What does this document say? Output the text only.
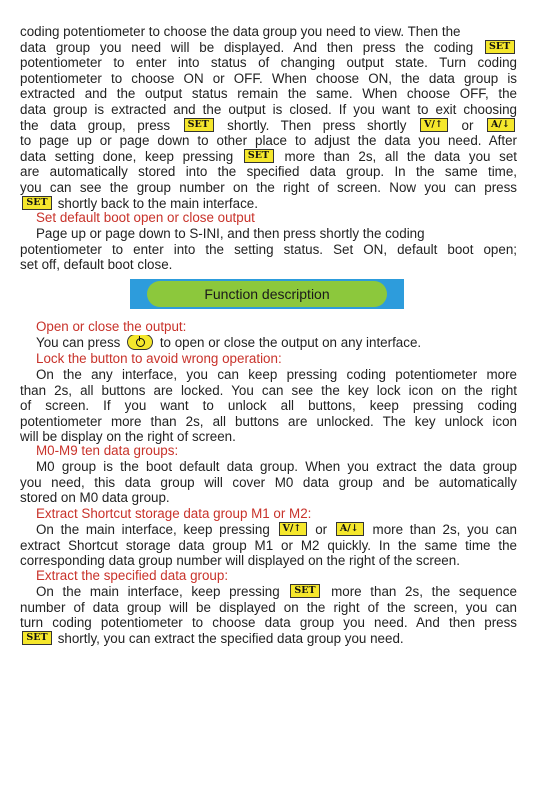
coding potentiometer to choose the data group you need to view. Then the
data group you need will be displayed. And then press the coding SET
potentiometer to enter into status of changing output state. Turn coding
potentiometer to choose ON or OFF. When choose ON, the data group is
extracted and the output status remain the same. When choose OFF, the
data group is extracted and the output is closed. If you want to exit choosing
the data group, press SET shortly. Then press shortly V/↑ or A/↓
to page up or page down to other place to adjust the data you need. After
data setting done, keep pressing SET more than 2s, all the data you set
are automatically stored into the specified data group. In the same time,
you can see the group number on the right of screen. Now you can press
SET shortly back to the main interface.
Set default boot open or close output
Page up or page down to S-INI, and then press shortly the coding
potentiometer to enter into the setting status. Set ON, default boot open;
set off, default boot close.
Function description
Open or close the output:
You can press  to open or close the output on any interface.
Lock the button to avoid wrong operation:
On the any interface, you can keep pressing coding potentiometer more
than 2s, all buttons are locked. You can see the key lock icon on the right
of screen. If you want to unlock all buttons, keep pressing coding
potentiometer more than 2s, all buttons are unlocked. The key unlock icon
will be display on the right of screen.
M0-M9 ten data groups:
M0 group is the boot default data group. When you extract the data group
you need, this data group will cover M0 data group and be automatically
stored on M0 data group.
Extract Shortcut storage data group M1 or M2:
On the main interface, keep pressing V/↑ or A/↓ more than 2s, you can
extract Shortcut storage data group M1 or M2 quickly. In the same time the
corresponding data group number will displayed on the right of the screen.
Extract the specified data group:
On the main interface, keep pressing SET more than 2s, the sequence
number of data group will be displayed on the right of the screen, you can
turn coding potentiometer to choose data group you need. And then press
SET shortly, you can extract the specified data group you need.
